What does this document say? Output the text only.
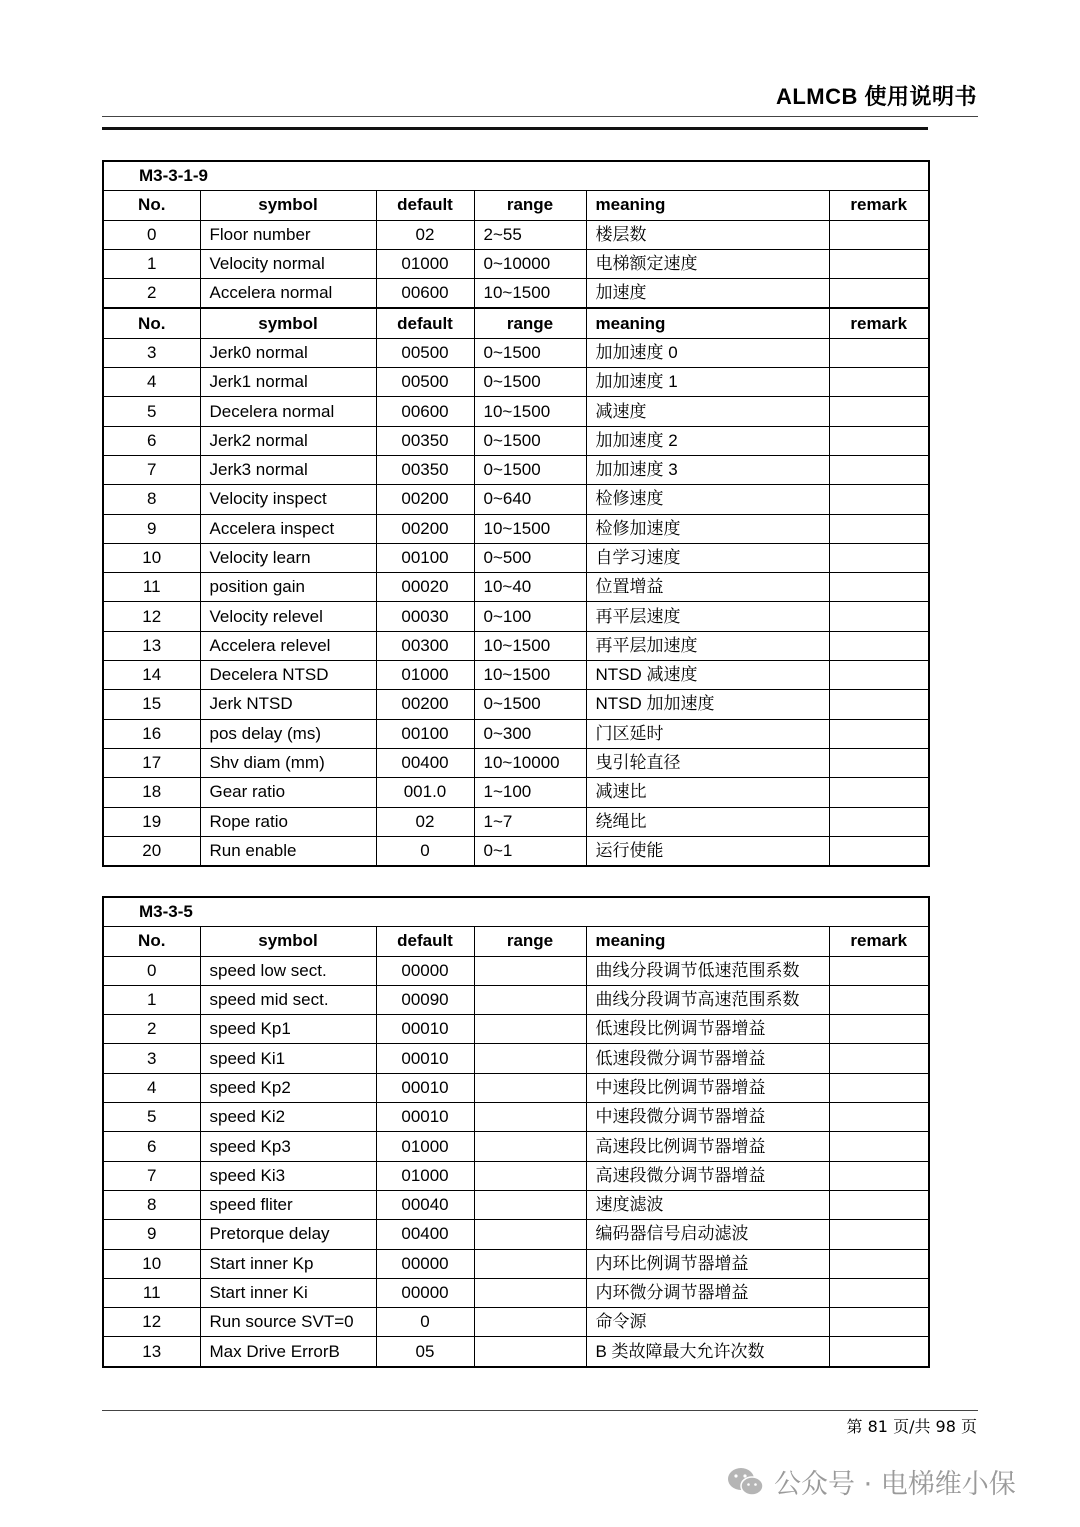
ALMCB 使用说明书
M3-3-1-9					
No.	symbol	default	range	meaning	remark
0	Floor number	02	2~55	楼层数	
1	Velocity normal	01000	0~10000	电梯额定速度	
2	Accelera normal	00600	10~1500	加速度	
No.	symbol	default	range	meaning	remark
3	Jerk0 normal	00500	0~1500	加加速度 0	
4	Jerk1 normal	00500	0~1500	加加速度 1	
5	Decelera normal	00600	10~1500	减速度	
6	Jerk2 normal	00350	0~1500	加加速度 2	
7	Jerk3 normal	00350	0~1500	加加速度 3	
8	Velocity inspect	00200	0~640	检修速度	
9	Accelera inspect	00200	10~1500	检修加速度	
10	Velocity learn	00100	0~500	自学习速度	
11	position gain	00020	10~40	位置增益	
12	Velocity relevel	00030	0~100	再平层速度	
13	Accelera relevel	00300	10~1500	再平层加速度	
14	Decelera NTSD	01000	10~1500	NTSD 减速度	
15	Jerk NTSD	00200	0~1500	NTSD 加加速度	
16	pos delay (ms)	00100	0~300	门区延时	
17	Shv diam (mm)	00400	10~10000	曳引轮直径	
18	Gear ratio	001.0	1~100	减速比	
19	Rope ratio	02	1~7	绕绳比	
20	Run enable	0	0~1	运行使能	
M3-3-5					
No.	symbol	default	range	meaning	remark
0	speed low sect.	00000		曲线分段调节低速范围系数	
1	speed mid sect.	00090		曲线分段调节高速范围系数	
2	speed Kp1	00010		低速段比例调节器增益	
3	speed Ki1	00010		低速段微分调节器增益	
4	speed Kp2	00010		中速段比例调节器增益	
5	speed Ki2	00010		中速段微分调节器增益	
6	speed Kp3	01000		高速段比例调节器增益	
7	speed Ki3	01000		高速段微分调节器增益	
8	speed fliter	00040		速度滤波	
9	Pretorque delay	00400		编码器信号启动滤波	
10	Start inner Kp	00000		内环比例调节器增益	
11	Start inner Ki	00000		内环微分调节器增益	
12	Run source SVT=0	0		命令源	
13	Max Drive ErrorB	05		B 类故障最大允许次数	
第 81 页/共 98 页
公众号 · 电梯维小保
